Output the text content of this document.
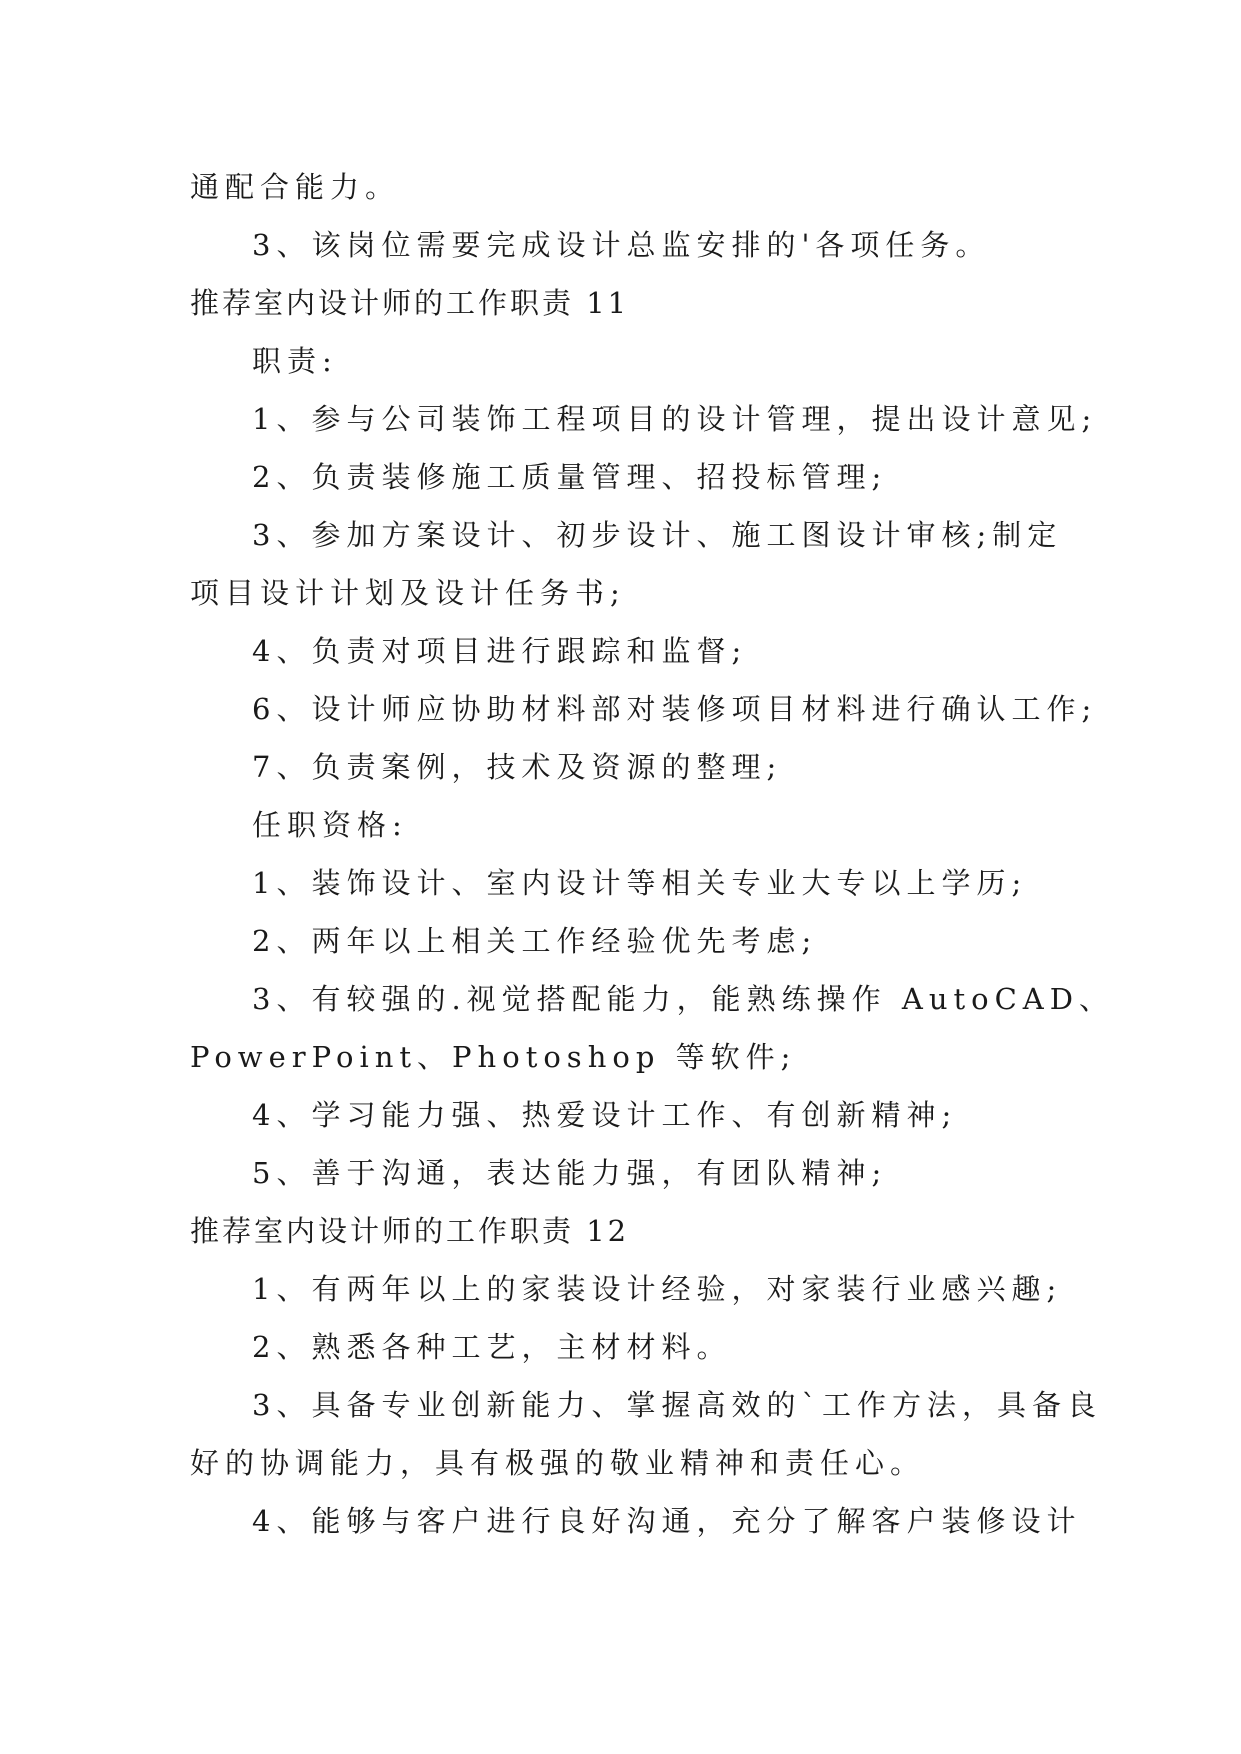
通配合能力。
3、该岗位需要完成设计总监安排的'各项任务。
推荐室内设计师的工作职责 11
职责:
1、参与公司装饰工程项目的设计管理，提出设计意见;
2、负责装修施工质量管理、招投标管理;
3、参加方案设计、初步设计、施工图设计审核;制定
项目设计计划及设计任务书;
4、负责对项目进行跟踪和监督;
6、设计师应协助材料部对装修项目材料进行确认工作;
7、负责案例，技术及资源的整理;
任职资格:
1、装饰设计、室内设计等相关专业大专以上学历;
2、两年以上相关工作经验优先考虑;
3、有较强的.视觉搭配能力，能熟练操作 AutoCAD、
PowerPoint、Photoshop 等软件;
4、学习能力强、热爱设计工作、有创新精神;
5、善于沟通，表达能力强，有团队精神;
推荐室内设计师的工作职责 12
1、有两年以上的家装设计经验，对家装行业感兴趣;
2、熟悉各种工艺，主材材料。
3、具备专业创新能力、掌握高效的`工作方法，具备良
好的协调能力，具有极强的敬业精神和责任心。
4、能够与客户进行良好沟通，充分了解客户装修设计
